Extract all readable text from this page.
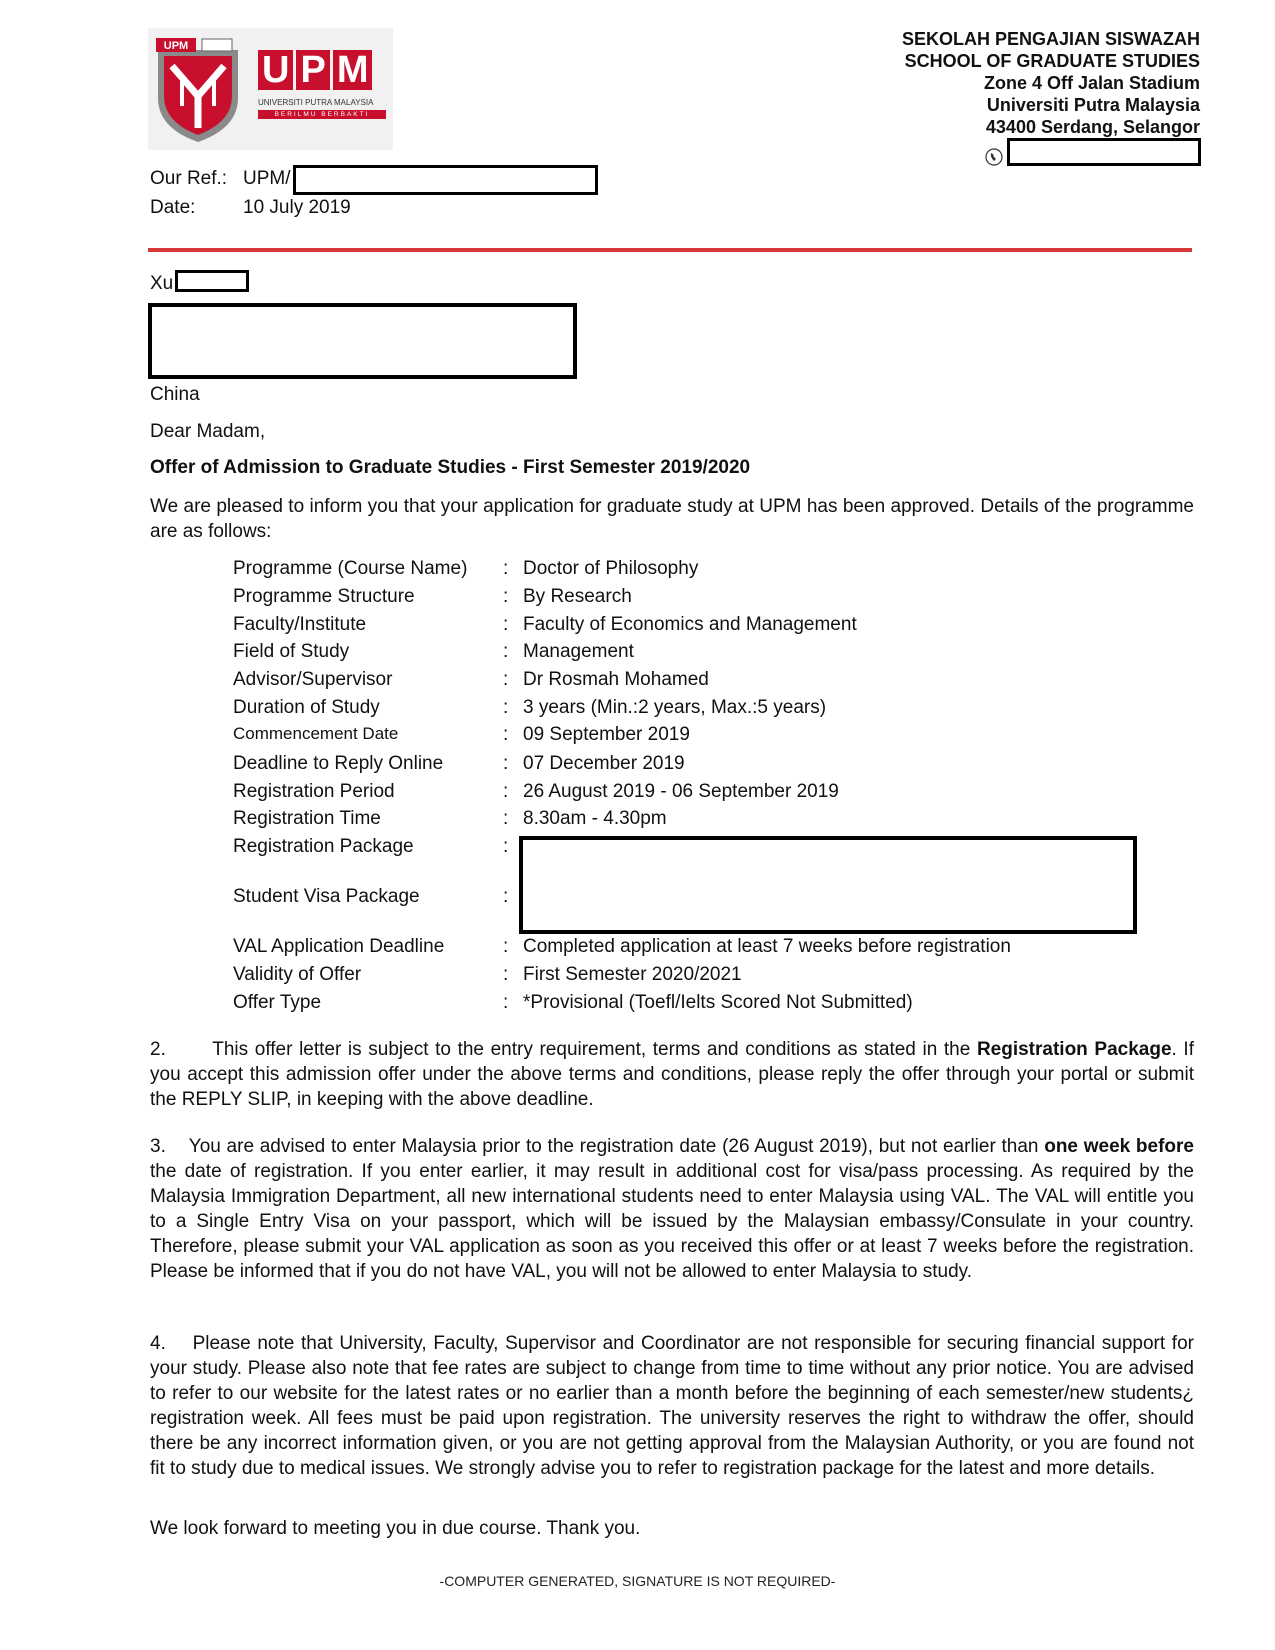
UPM
U P M
UNIVERSITI PUTRA MALAYSIA
BERILMU BERBAKTI
SEKOLAH PENGAJIAN SISWAZAH
SCHOOL OF GRADUATE STUDIES
Zone 4 Off Jalan Stadium
Universiti Putra Malaysia
43400 Serdang, Selangor
Our Ref.: UPM/
Date:	10 July 2019
Xu
China
Dear Madam,
Offer of Admission to Graduate Studies - First Semester 2019/2020
We are pleased to inform you that your application for graduate study at UPM has been approved. Details of the programme are as follows:
Programme (Course Name) : Doctor of Philosophy
Programme Structure	: By Research
Faculty/Institute	: Faculty of Economics and Management
Field of Study	: Management
Advisor/Supervisor	: Dr Rosmah Mohamed
Duration of Study	: 3 years (Min.:2 years, Max.:5 years)
Commencement Date	: 09 September 2019
Deadline to Reply Online	: 07 December 2019
Registration Period	: 26 August 2019 - 06 September 2019
Registration Time	: 8.30am - 4.30pm
Registration Package	:
Student Visa Package	:
VAL Application Deadline	: Completed application at least 7 weeks before registration
Validity of Offer	: First Semester 2020/2021
Offer Type	: *Provisional (Toefl/Ielts Scored Not Submitted)
2. This offer letter is subject to the entry requirement, terms and conditions as stated in the Registration Package. If you accept this admission offer under the above terms and conditions, please reply the offer through your portal or submit the REPLY SLIP, in keeping with the above deadline.
3. You are advised to enter Malaysia prior to the registration date (26 August 2019), but not earlier than one week before the date of registration. If you enter earlier, it may result in additional cost for visa/pass processing. As required by the Malaysia Immigration Department, all new international students need to enter Malaysia using VAL. The VAL will entitle you to a Single Entry Visa on your passport, which will be issued by the Malaysian embassy/Consulate in your country. Therefore, please submit your VAL application as soon as you received this offer or at least 7 weeks before the registration. Please be informed that if you do not have VAL, you will not be allowed to enter Malaysia to study.
4. Please note that University, Faculty, Supervisor and Coordinator are not responsible for securing financial support for your study. Please also note that fee rates are subject to change from time to time without any prior notice. You are advised to refer to our website for the latest rates or no earlier than a month before the beginning of each semester/new students¿ registration week. All fees must be paid upon registration. The university reserves the right to withdraw the offer, should there be any incorrect information given, or you are not getting approval from the Malaysian Authority, or you are found not fit to study due to medical issues. We strongly advise you to refer to registration package for the latest and more details.
We look forward to meeting you in due course. Thank you.
-COMPUTER GENERATED, SIGNATURE IS NOT REQUIRED-
